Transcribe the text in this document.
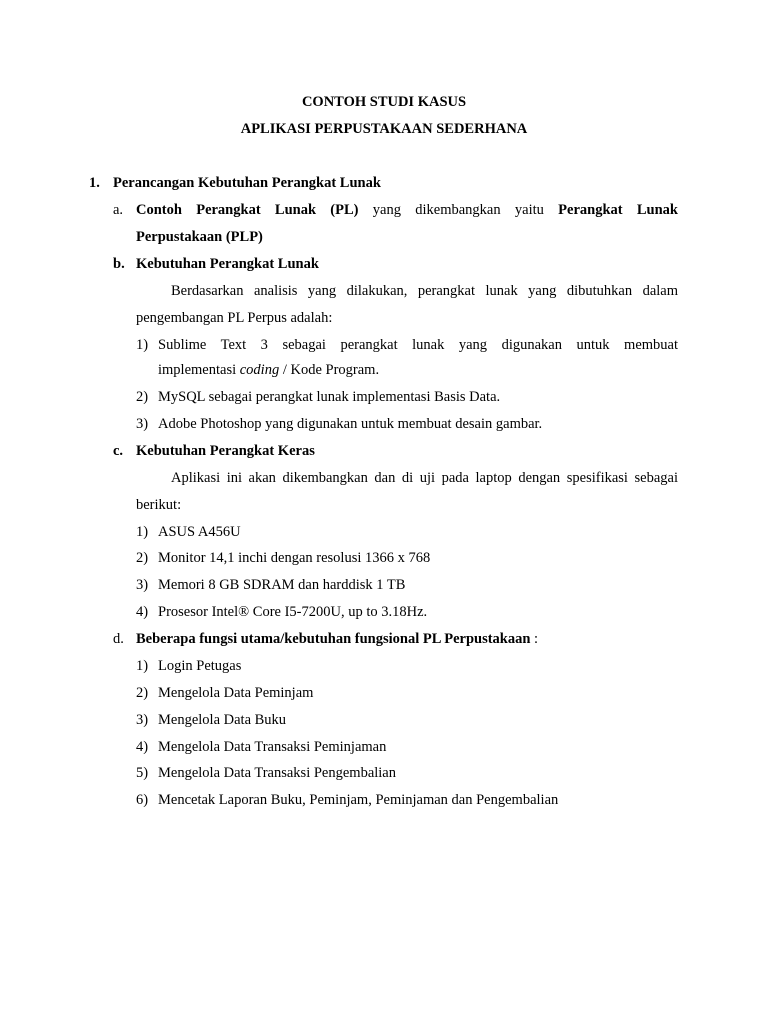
CONTOH STUDI KASUS
APLIKASI PERPUSTAKAAN SEDERHANA
1. Perancangan Kebutuhan Perangkat Lunak
a. Contoh Perangkat Lunak (PL) yang dikembangkan yaitu Perangkat Lunak
Perpustakaan (PLP)
b. Kebutuhan Perangkat Lunak
Berdasarkan analisis yang dilakukan, perangkat lunak yang dibutuhkan dalam
pengembangan PL Perpus adalah:
1) Sublime Text 3 sebagai perangkat lunak yang digunakan untuk membuat
implementasi coding / Kode Program.
2) MySQL sebagai perangkat lunak implementasi Basis Data.
3) Adobe Photoshop yang digunakan untuk membuat desain gambar.
c. Kebutuhan Perangkat Keras
Aplikasi ini akan dikembangkan dan di uji pada laptop dengan spesifikasi sebagai
berikut:
1) ASUS A456U
2) Monitor 14,1 inchi dengan resolusi 1366 x 768
3) Memori 8 GB SDRAM dan harddisk 1 TB
4) Prosesor Intel® Core I5-7200U, up to 3.18Hz.
d. Beberapa fungsi utama/kebutuhan fungsional PL Perpustakaan :
1) Login Petugas
2) Mengelola Data Peminjam
3) Mengelola Data Buku
4) Mengelola Data Transaksi Peminjaman
5) Mengelola Data Transaksi Pengembalian
6) Mencetak Laporan Buku, Peminjam, Peminjaman dan Pengembalian
